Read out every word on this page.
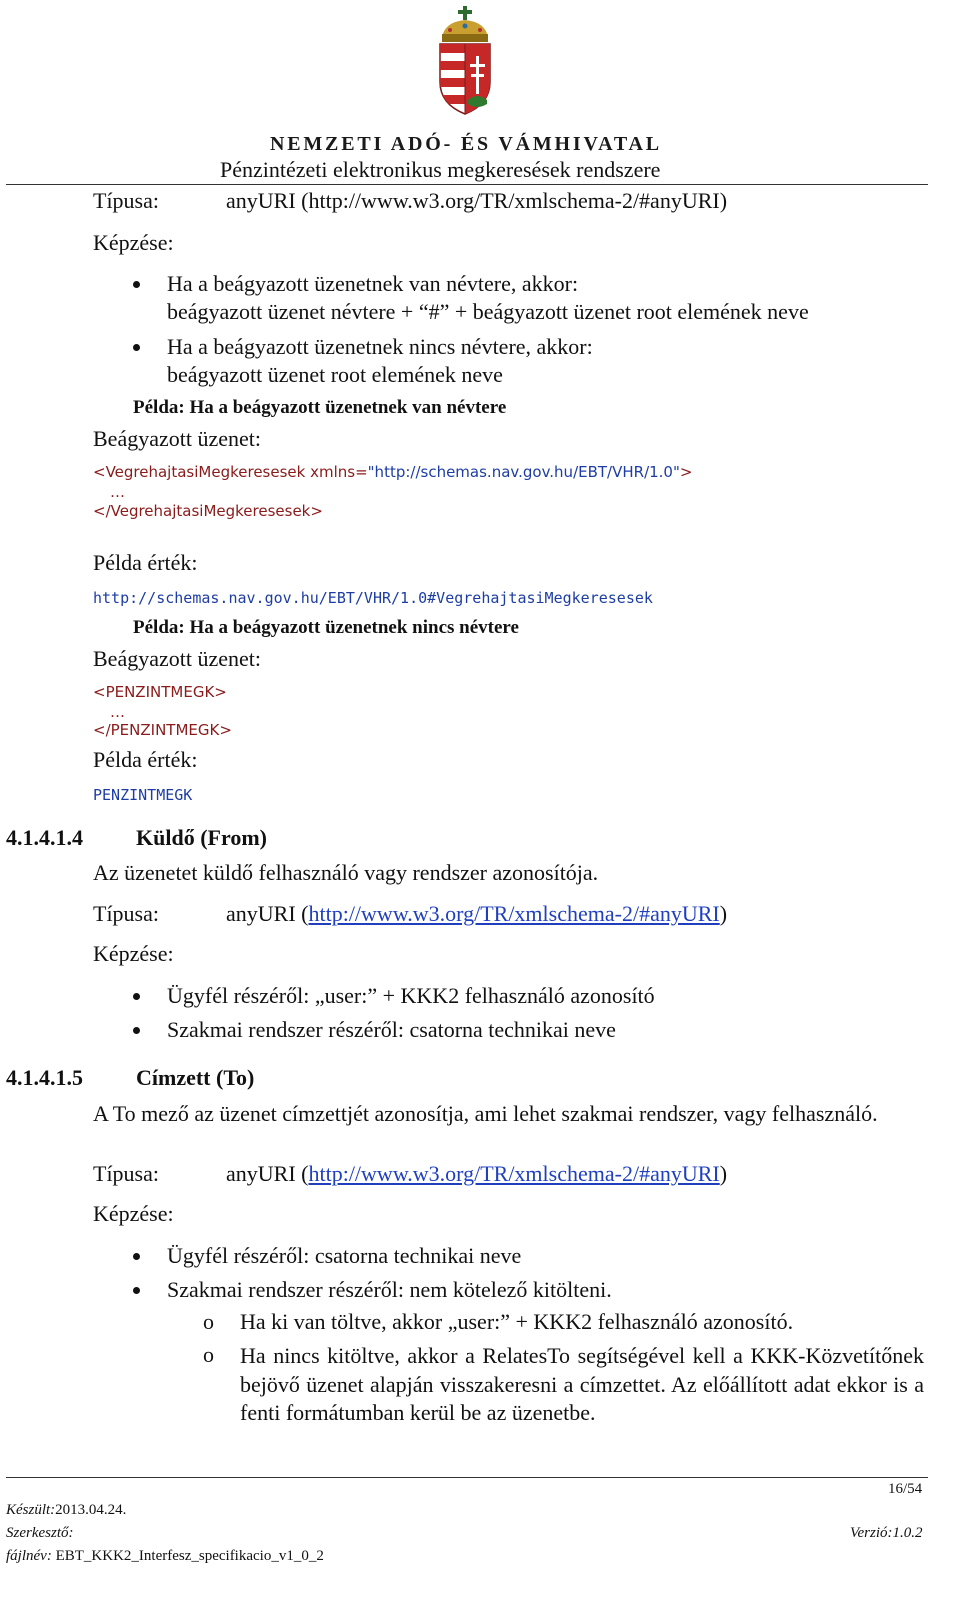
NEMZETI ADÓ- ÉS VÁMHIVATAL
Pénzintézeti elektronikus megkeresések rendszere
Típusa:	anyURI (http://www.w3.org/TR/xmlschema-2/#anyURI)
Képzése:
Ha a beágyazott üzenetnek van névtere, akkor:
beágyazott üzenet névtere + “#” + beágyazott üzenet root elemének neve
Ha a beágyazott üzenetnek nincs névtere, akkor:
beágyazott üzenet root elemének neve
Példa: Ha a beágyazott üzenetnek van névtere
Beágyazott üzenet:
<VegrehajtasiMegkeresesek xmlns="http://schemas.nav.gov.hu/EBT/VHR/1.0">
…
</VegrehajtasiMegkeresesek>
Példa érték:
http://schemas.nav.gov.hu/EBT/VHR/1.0#VegrehajtasiMegkeresesek
Példa: Ha a beágyazott üzenetnek nincs névtere
Beágyazott üzenet:
<PENZINTMEGK>
…
</PENZINTMEGK>
Példa érték:
PENZINTMEGK
4.1.4.1.4 Küldő (From)
Az üzenetet küldő felhasználó vagy rendszer azonosítója.
Típusa:	anyURI (http://www.w3.org/TR/xmlschema-2/#anyURI)
Képzése:
Ügyfél részéről: „user:” + KKK2 felhasználó azonosító
Szakmai rendszer részéről: csatorna technikai neve
4.1.4.1.5 Címzett (To)
A To mező az üzenet címzettjét azonosítja, ami lehet szakmai rendszer, vagy felhasználó.
Típusa:	anyURI (http://www.w3.org/TR/xmlschema-2/#anyURI)
Képzése:
Ügyfél részéről: csatorna technikai neve
Szakmai rendszer részéről: nem kötelező kitölteni.
o Ha ki van töltve, akkor „user:” + KKK2 felhasználó azonosító.
o Ha nincs kitöltve, akkor a RelatesTo segítségével kell a KKK-Közvetítőnek bejövő üzenet alapján visszakeresni a címzettet. Az előállított adat ekkor is a fenti formátumban kerül be az üzenetbe.
16/54
Készült:2013.04.24.
Szerkesztő:	Verzió:1.0.2
fájlnév: EBT_KKK2_Interfesz_specifikacio_v1_0_2
